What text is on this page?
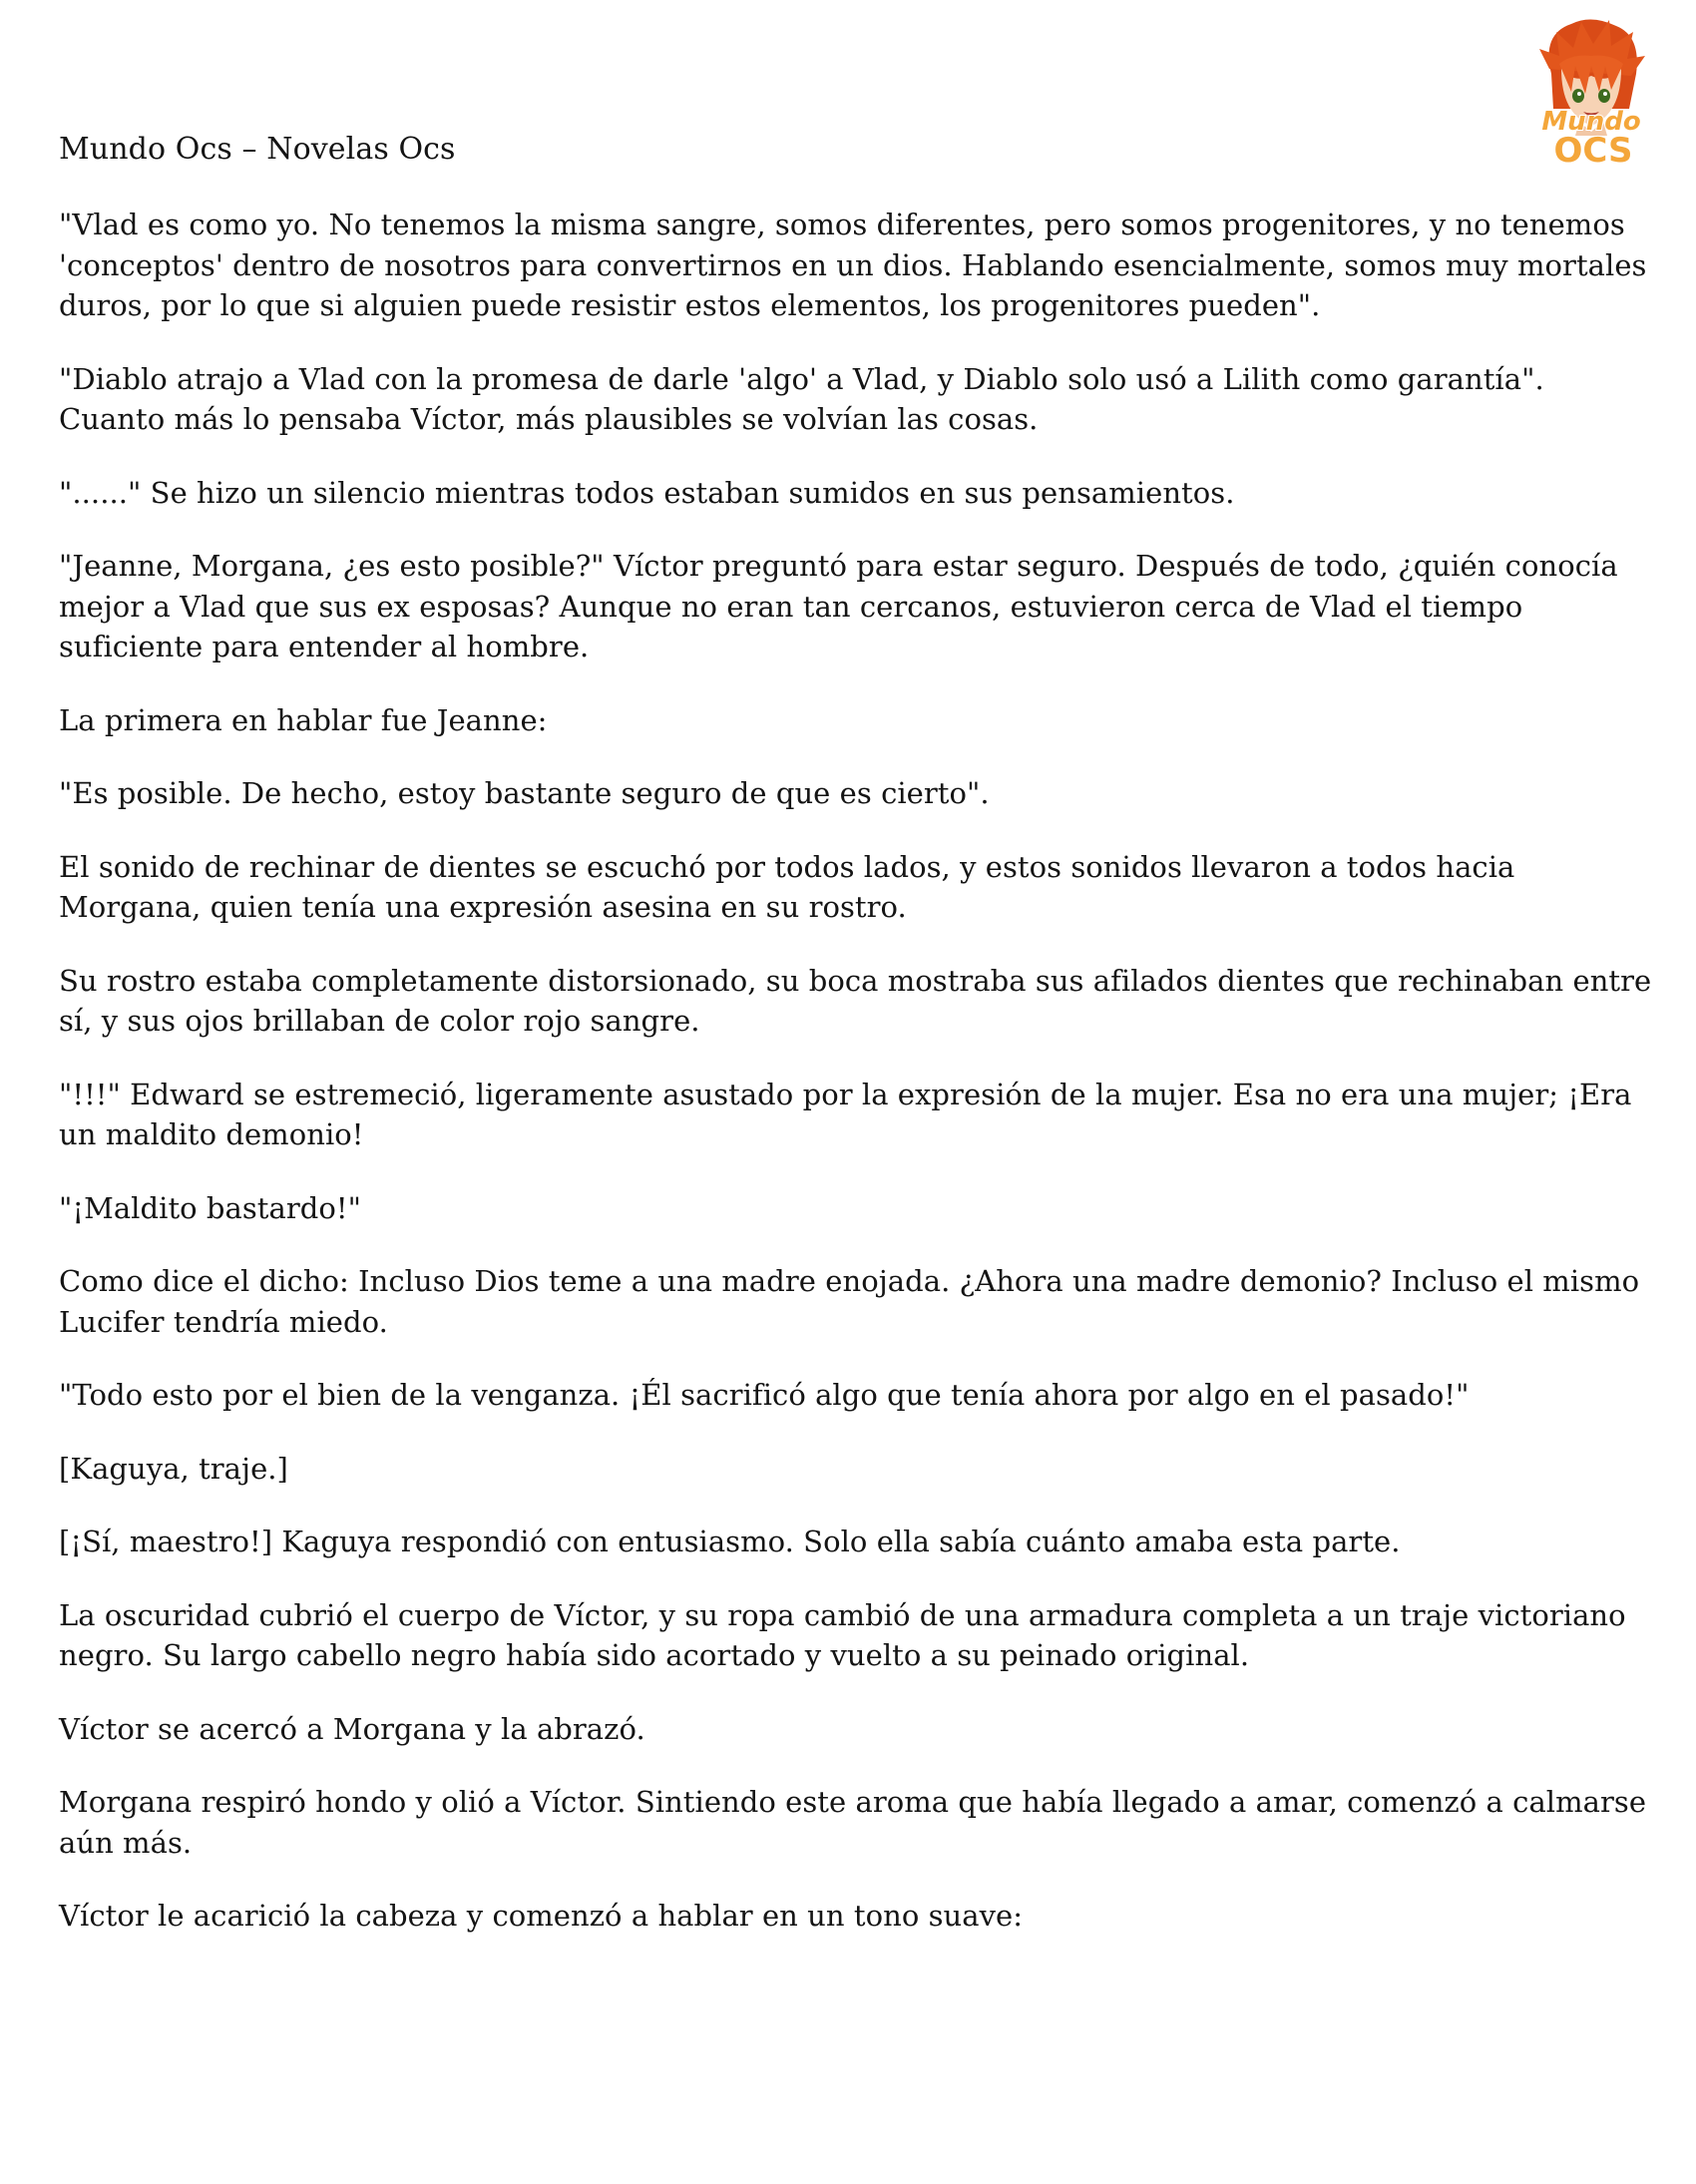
Mundo Ocs – Novelas Ocs
Mundo
OCS

"Vlad es como yo. No tenemos la misma sangre, somos diferentes, pero somos progenitores, y no tenemos 'conceptos' dentro de nosotros para convertirnos en un dios. Hablando esencialmente, somos muy mortales duros, por lo que si alguien puede resistir estos elementos, los progenitores pueden".

"Diablo atrajo a Vlad con la promesa de darle 'algo' a Vlad, y Diablo solo usó a Lilith como garantía". Cuanto más lo pensaba Víctor, más plausibles se volvían las cosas.

"......" Se hizo un silencio mientras todos estaban sumidos en sus pensamientos.

"Jeanne, Morgana, ¿es esto posible?" Víctor preguntó para estar seguro. Después de todo, ¿quién conocía mejor a Vlad que sus ex esposas? Aunque no eran tan cercanos, estuvieron cerca de Vlad el tiempo suficiente para entender al hombre.

La primera en hablar fue Jeanne:

"Es posible. De hecho, estoy bastante seguro de que es cierto".

El sonido de rechinar de dientes se escuchó por todos lados, y estos sonidos llevaron a todos hacia Morgana, quien tenía una expresión asesina en su rostro.

Su rostro estaba completamente distorsionado, su boca mostraba sus afilados dientes que rechinaban entre sí, y sus ojos brillaban de color rojo sangre.

"!!!" Edward se estremeció, ligeramente asustado por la expresión de la mujer. Esa no era una mujer; ¡Era un maldito demonio!

"¡Maldito bastardo!"

Como dice el dicho: Incluso Dios teme a una madre enojada. ¿Ahora una madre demonio? Incluso el mismo Lucifer tendría miedo.

"Todo esto por el bien de la venganza. ¡Él sacrificó algo que tenía ahora por algo en el pasado!"

[Kaguya, traje.]

[¡Sí, maestro!] Kaguya respondió con entusiasmo. Solo ella sabía cuánto amaba esta parte.

La oscuridad cubrió el cuerpo de Víctor, y su ropa cambió de una armadura completa a un traje victoriano negro. Su largo cabello negro había sido acortado y vuelto a su peinado original.

Víctor se acercó a Morgana y la abrazó.

Morgana respiró hondo y olió a Víctor. Sintiendo este aroma que había llegado a amar, comenzó a calmarse aún más.

Víctor le acarició la cabeza y comenzó a hablar en un tono suave:
